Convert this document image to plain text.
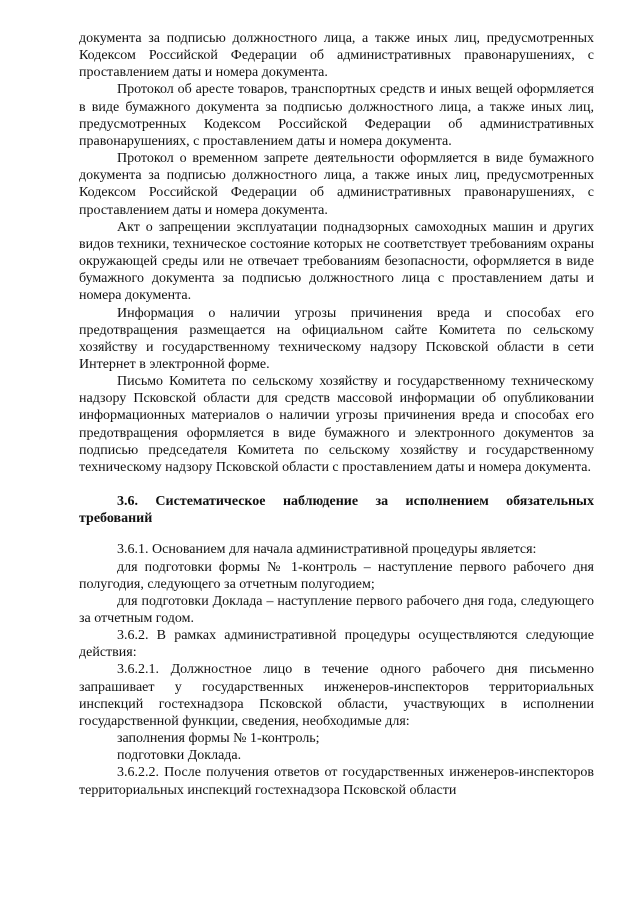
документа за подписью должностного лица, а также иных лиц, предусмотренных Кодексом Российской Федерации об административных правонарушениях, с проставлением даты и номера документа.

Протокол об аресте товаров, транспортных средств и иных вещей оформляется в виде бумажного документа за подписью должностного лица, а также иных лиц, предусмотренных Кодексом Российской Федерации об административных правонарушениях, с проставлением даты и номера документа.

Протокол о временном запрете деятельности оформляется в виде бумажного документа за подписью должностного лица, а также иных лиц, предусмотренных Кодексом Российской Федерации об административных правонарушениях, с проставлением даты и номера документа.

Акт о запрещении эксплуатации поднадзорных самоходных машин и других видов техники, техническое состояние которых не соответствует требованиям охраны окружающей среды или не отвечает требованиям безопасности, оформляется в виде бумажного документа за подписью должностного лица с проставлением даты и номера документа.

Информация о наличии угрозы причинения вреда и способах его предотвращения размещается на официальном сайте Комитета по сельскому хозяйству и государственному техническому надзору Псковской области в сети Интернет в электронной форме.

Письмо Комитета по сельскому хозяйству и государственному техническому надзору Псковской области для средств массовой информации об опубликовании информационных материалов о наличии угрозы причинения вреда и способах его предотвращения оформляется в виде бумажного и электронного документов за подписью председателя Комитета по сельскому хозяйству и государственному техническому надзору Псковской области с проставлением даты и номера документа.

3.6. Систематическое наблюдение за исполнением обязательных требований

3.6.1. Основанием для начала административной процедуры является:

для подготовки формы № 1-контроль – наступление первого рабочего дня полугодия, следующего за отчетным полугодием;

для подготовки Доклада – наступление первого рабочего дня года, следующего за отчетным годом.

3.6.2. В рамках административной процедуры осуществляются следующие действия:

3.6.2.1. Должностное лицо в течение одного рабочего дня письменно запрашивает у государственных инженеров-инспекторов территориальных инспекций гостехнадзора Псковской области, участвующих в исполнении государственной функции, сведения, необходимые для:

заполнения формы № 1-контроль;

подготовки Доклада.

3.6.2.2. После получения ответов от государственных инженеров-инспекторов территориальных инспекций гостехнадзора Псковской области
